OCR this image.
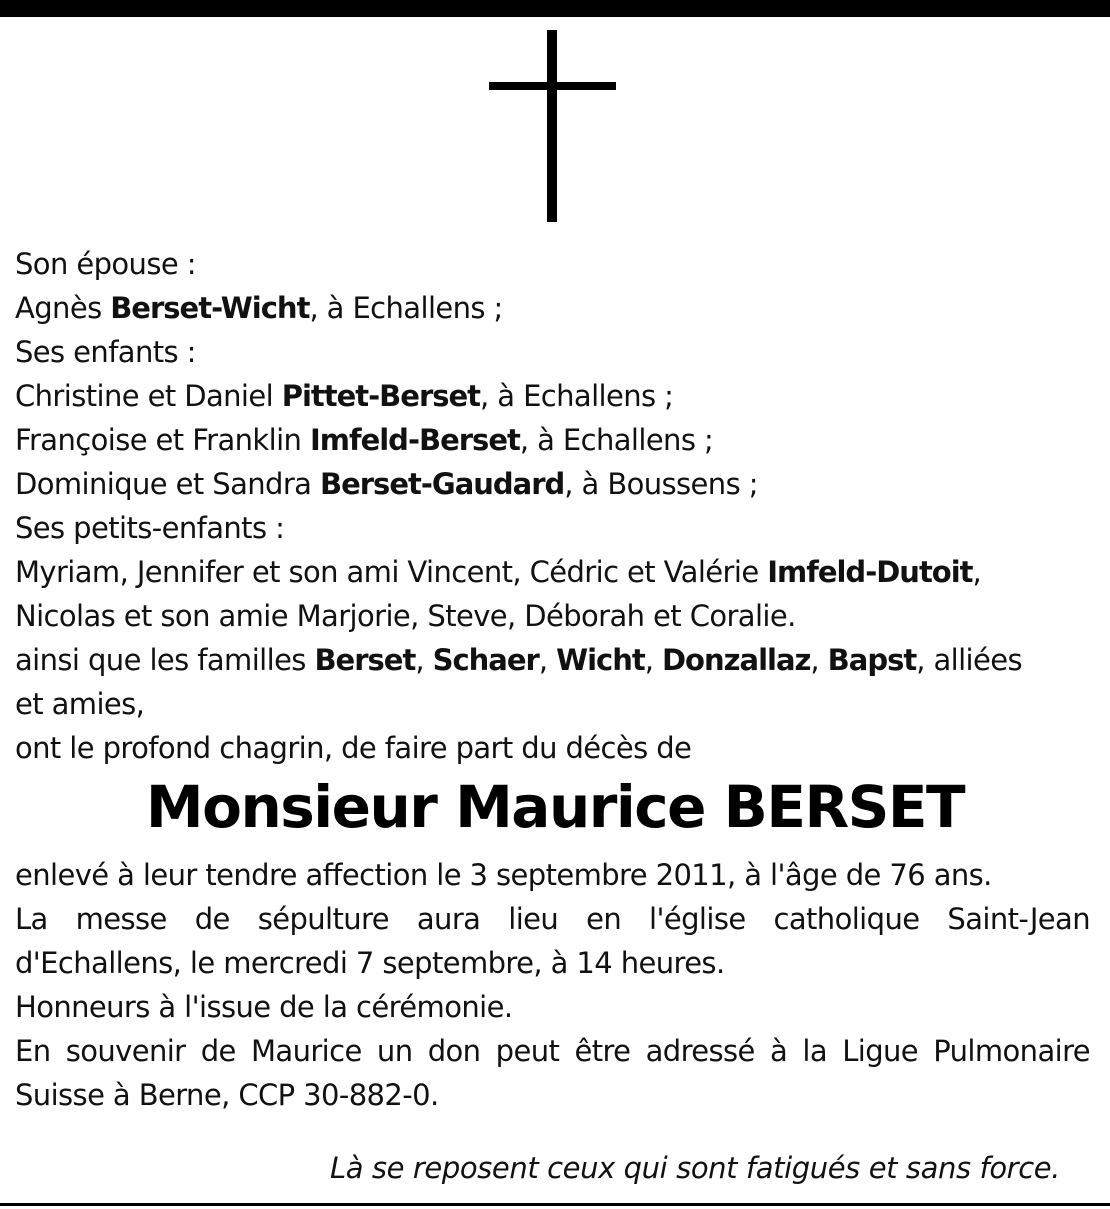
Son épouse :
Agnès Berset-Wicht, à Echallens ;
Ses enfants :
Christine et Daniel Pittet-Berset, à Echallens ;
Françoise et Franklin Imfeld-Berset, à Echallens ;
Dominique et Sandra Berset-Gaudard, à Boussens ;
Ses petits-enfants :
Myriam, Jennifer et son ami Vincent, Cédric et Valérie Imfeld-Dutoit,
Nicolas et son amie Marjorie, Steve, Déborah et Coralie.
ainsi que les familles Berset, Schaer, Wicht, Donzallaz, Bapst, alliées
et amies,
ont le profond chagrin, de faire part du décès de
Monsieur Maurice BERSET
enlevé à leur tendre affection le 3 septembre 2011, à l'âge de 76 ans.
La messe de sépulture aura lieu en l'église catholique Saint-Jean
d'Echallens, le mercredi 7 septembre, à 14 heures.
Honneurs à l'issue de la cérémonie.
En souvenir de Maurice un don peut être adressé à la Ligue Pulmonaire
Suisse à Berne, CCP 30-882-0.
Là se reposent ceux qui sont fatigués et sans force.
